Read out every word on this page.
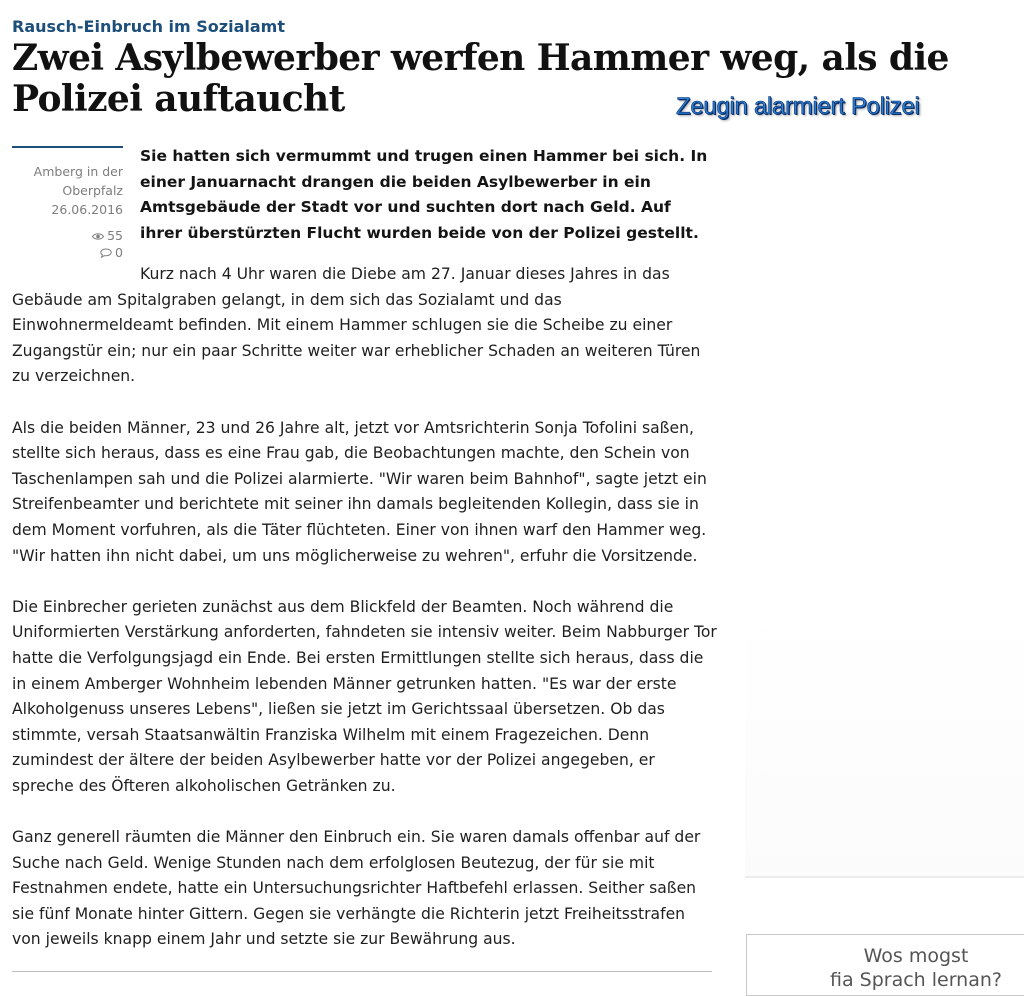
Rausch-Einbruch im Sozialamt
Zwei Asylbewerber werfen Hammer weg, als die Polizei auftaucht	Zeugin alarmiert Polizei
Amberg in der
Oberpfalz
26.06.2016
55
0

Sie hatten sich vermummt und trugen einen Hammer bei sich. In einer Januarnacht drangen die beiden Asylbewerber in ein Amtsgebäude der Stadt vor und suchten dort nach Geld. Auf ihrer überstürzten Flucht wurden beide von der Polizei gestellt.

Kurz nach 4 Uhr waren die Diebe am 27. Januar dieses Jahres in das Gebäude am Spitalgraben gelangt, in dem sich das Sozialamt und das Einwohnermeldeamt befinden. Mit einem Hammer schlugen sie die Scheibe zu einer Zugangstür ein; nur ein paar Schritte weiter war erheblicher Schaden an weiteren Türen zu verzeichnen.

Als die beiden Männer, 23 und 26 Jahre alt, jetzt vor Amtsrichterin Sonja Tofolini saßen, stellte sich heraus, dass es eine Frau gab, die Beobachtungen machte, den Schein von Taschenlampen sah und die Polizei alarmierte. "Wir waren beim Bahnhof", sagte jetzt ein Streifenbeamter und berichtete mit seiner ihn damals begleitenden Kollegin, dass sie in dem Moment vorfuhren, als die Täter flüchteten. Einer von ihnen warf den Hammer weg. "Wir hatten ihn nicht dabei, um uns möglicherweise zu wehren", erfuhr die Vorsitzende.

Die Einbrecher gerieten zunächst aus dem Blickfeld der Beamten. Noch während die Uniformierten Verstärkung anforderten, fahndeten sie intensiv weiter. Beim Nabburger Tor hatte die Verfolgungsjagd ein Ende. Bei ersten Ermittlungen stellte sich heraus, dass die in einem Amberger Wohnheim lebenden Männer getrunken hatten. "Es war der erste Alkoholgenuss unseres Lebens", ließen sie jetzt im Gerichtssaal übersetzen. Ob das stimmte, versah Staatsanwältin Franziska Wilhelm mit einem Fragezeichen. Denn zumindest der ältere der beiden Asylbewerber hatte vor der Polizei angegeben, er spreche des Öfteren alkoholischen Getränken zu.

Ganz generell räumten die Männer den Einbruch ein. Sie waren damals offenbar auf der Suche nach Geld. Wenige Stunden nach dem erfolglosen Beutezug, der für sie mit Festnahmen endete, hatte ein Untersuchungsrichter Haftbefehl erlassen. Seither saßen sie fünf Monate hinter Gittern. Gegen sie verhängte die Richterin jetzt Freiheitsstrafen von jeweils knapp einem Jahr und setzte sie zur Bewährung aus.

Wos mogst
fia Sprach lernan?
